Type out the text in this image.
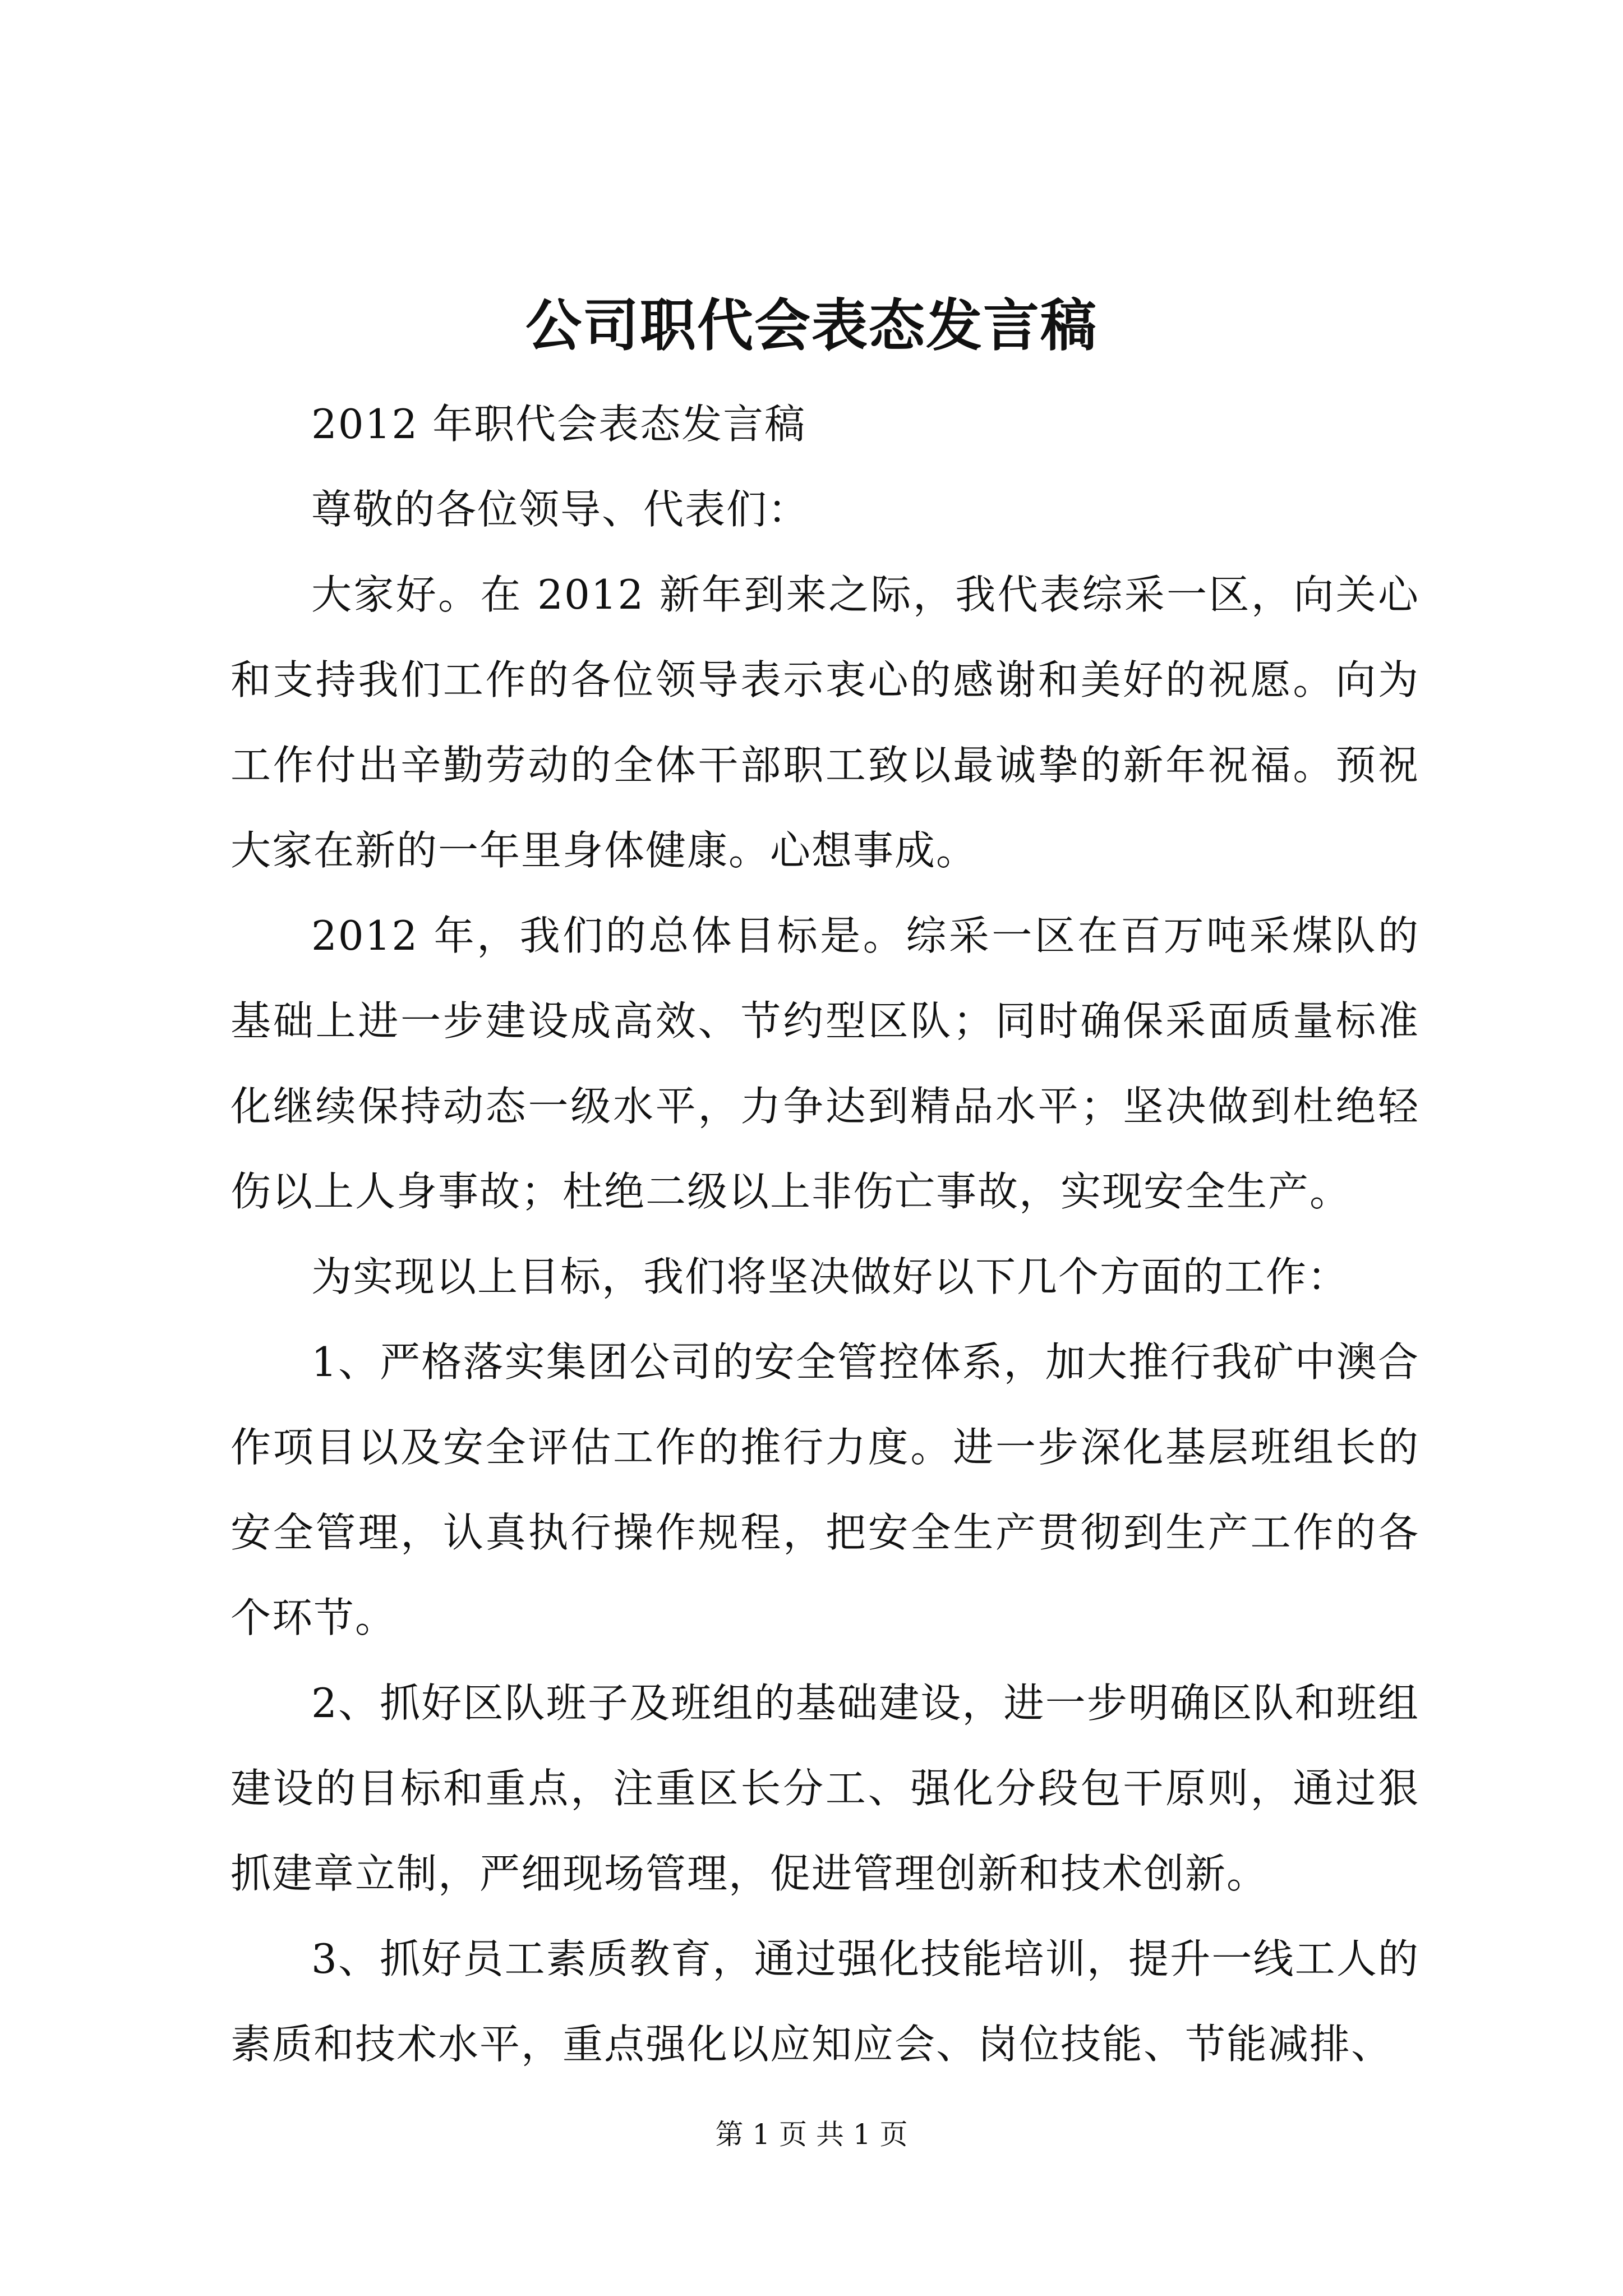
公司职代会表态发言稿

2012 年职代会表态发言稿

尊敬的各位领导、代表们：

大家好。在 2012 新年到来之际，我代表综采一区，向关心和支持我们工作的各位领导表示衷心的感谢和美好的祝愿。向为工作付出辛勤劳动的全体干部职工致以最诚挚的新年祝福。预祝大家在新的一年里身体健康。心想事成。

2012 年，我们的总体目标是。综采一区在百万吨采煤队的基础上进一步建设成高效、节约型区队；同时确保采面质量标准化继续保持动态一级水平，力争达到精品水平；坚决做到杜绝轻伤以上人身事故；杜绝二级以上非伤亡事故，实现安全生产。

为实现以上目标，我们将坚决做好以下几个方面的工作：

1、严格落实集团公司的安全管控体系，加大推行我矿中澳合作项目以及安全评估工作的推行力度。进一步深化基层班组长的安全管理，认真执行操作规程，把安全生产贯彻到生产工作的各个环节。

2、抓好区队班子及班组的基础建设，进一步明确区队和班组建设的目标和重点，注重区长分工、强化分段包干原则，通过狠抓建章立制，严细现场管理，促进管理创新和技术创新。

3、抓好员工素质教育，通过强化技能培训，提升一线工人的素质和技术水平，重点强化以应知应会、岗位技能、节能减排、

第 1 页 共 1 页
